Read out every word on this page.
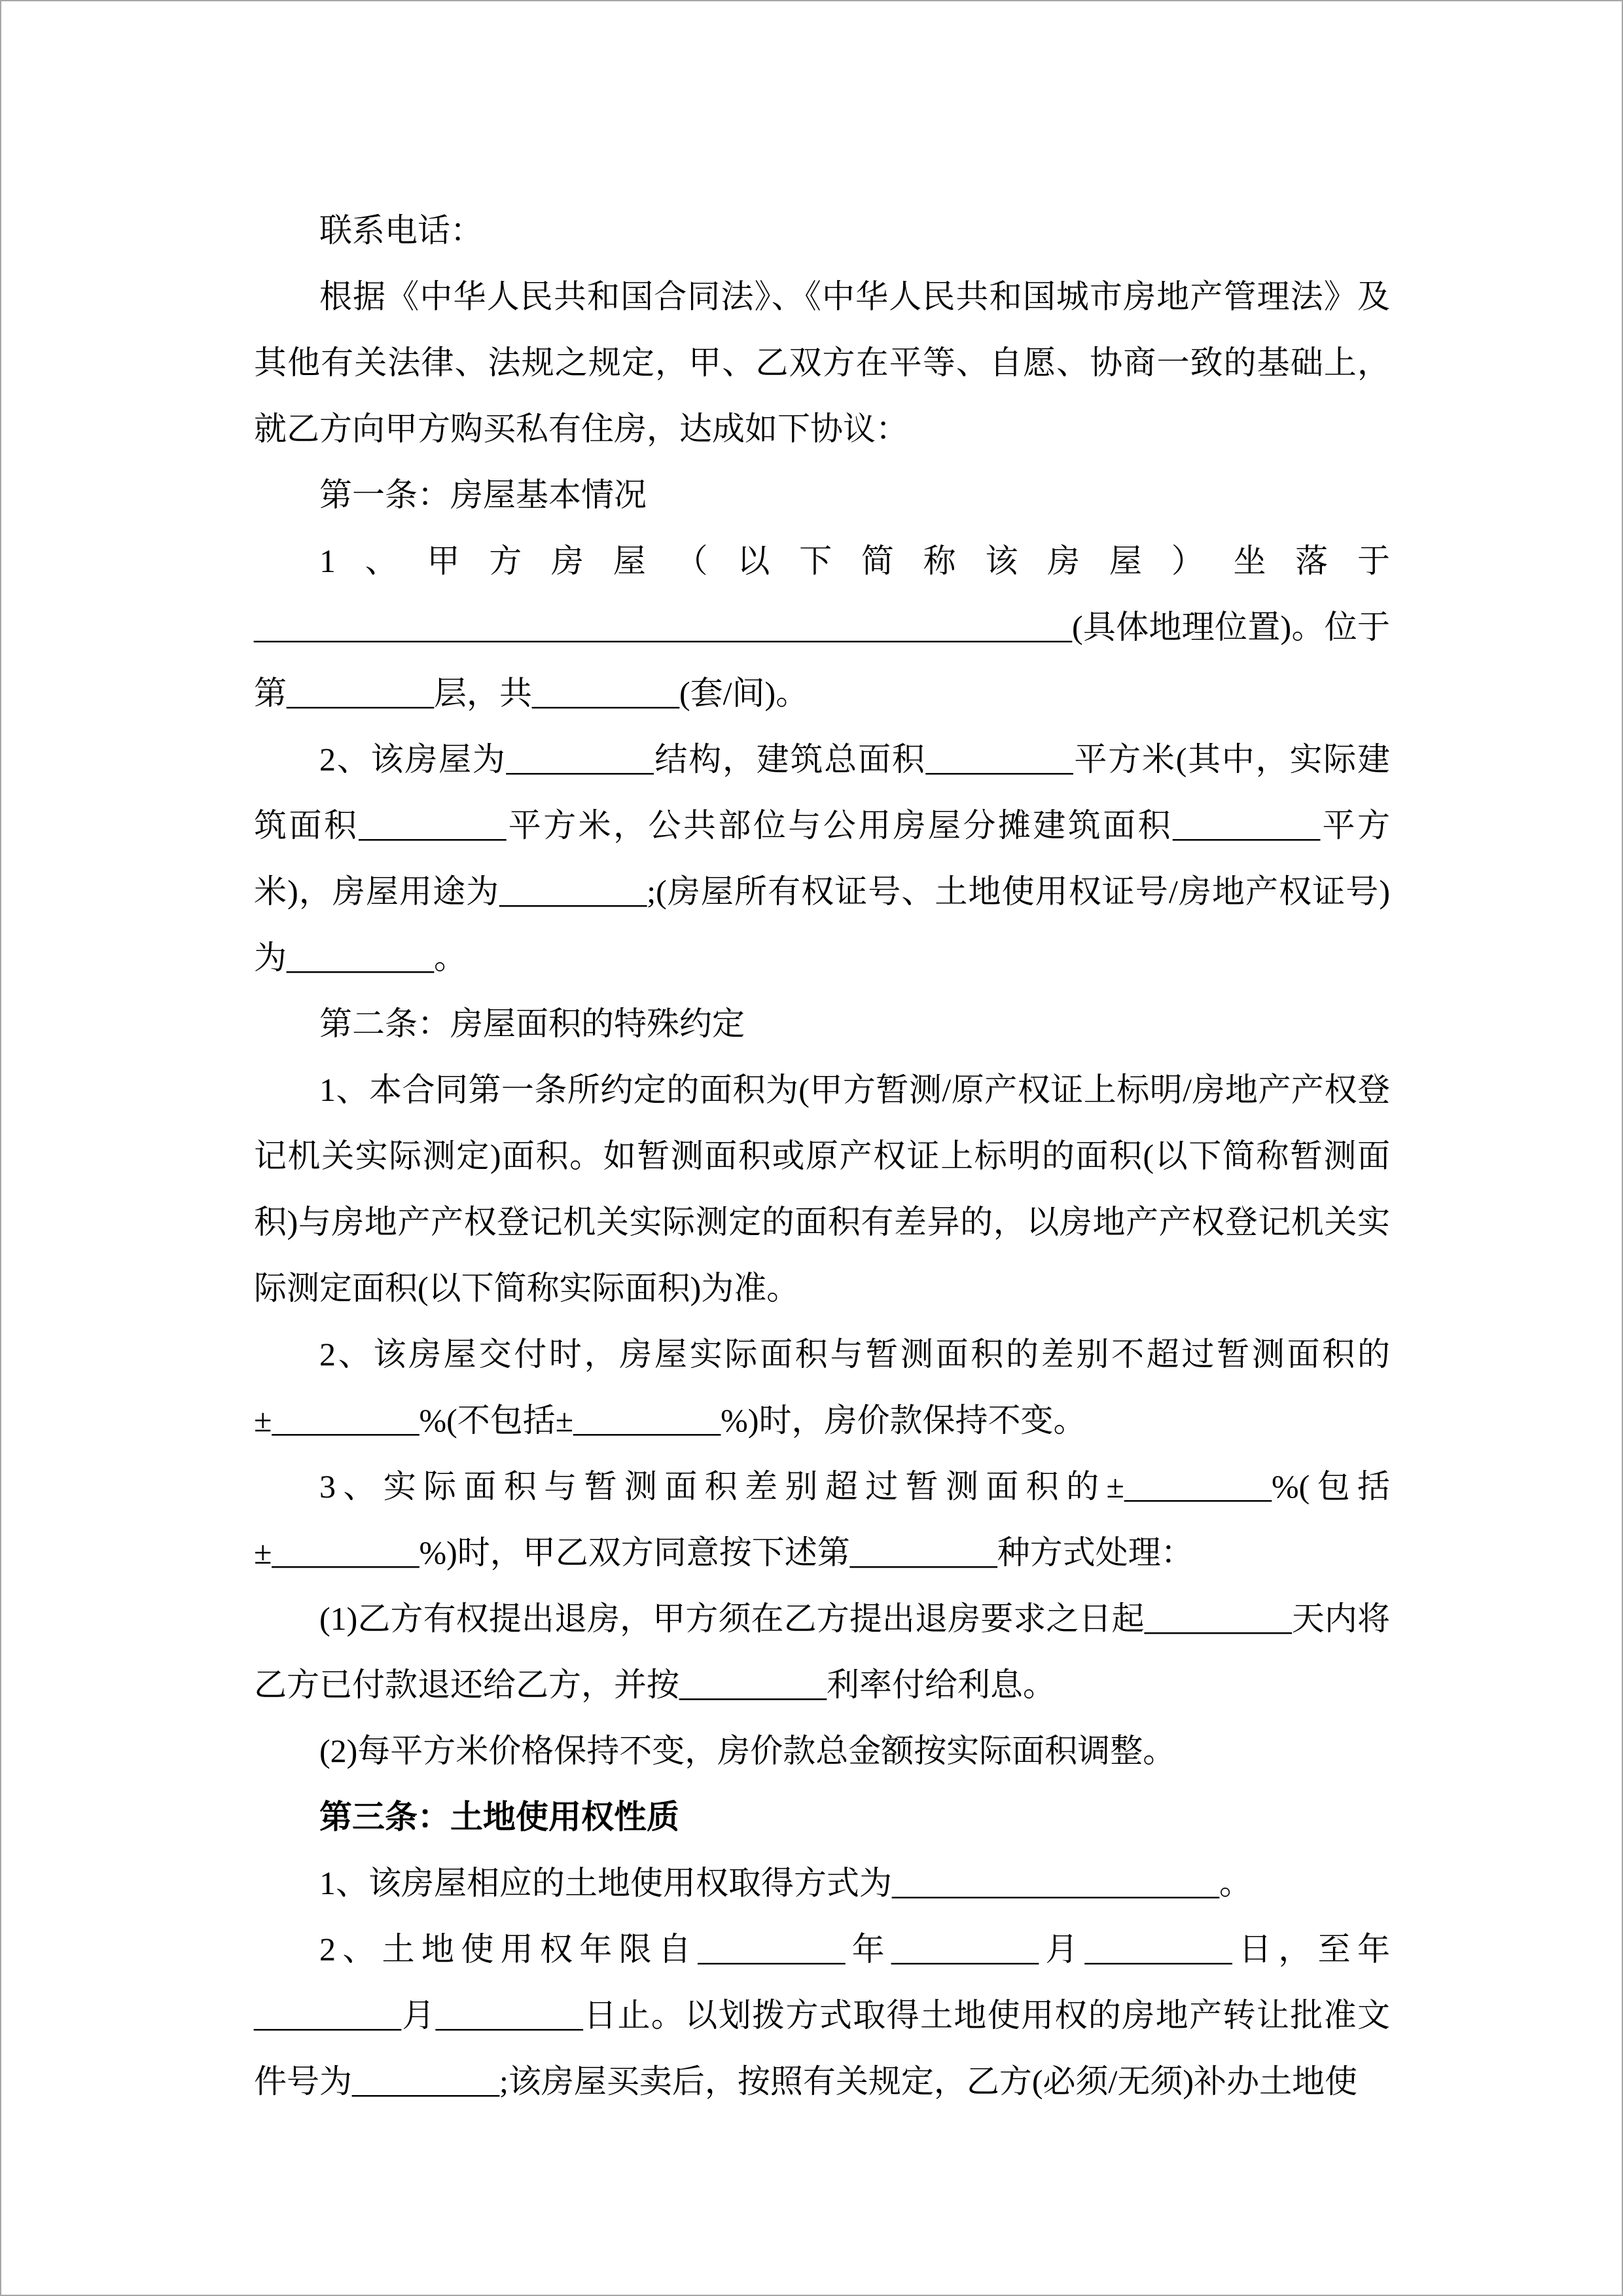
联系电话：

根据《中华人民共和国合同法》、《中华人民共和国城市房地产管理法》及其他有关法律、法规之规定，甲、乙双方在平等、自愿、协商一致的基础上，就乙方向甲方购买私有住房，达成如下协议：

第一条：房屋基本情况

1、甲方房屋（以下简称该房屋）坐落于__________________________________________________(具体地理位置)。位于第_________层，共_________(套/间)。

2、该房屋为_________结构，建筑总面积_________平方米(其中，实际建筑面积_________平方米，公共部位与公用房屋分摊建筑面积_________平方米)，房屋用途为_________;(房屋所有权证号、土地使用权证号/房地产权证号)为_________。

第二条：房屋面积的特殊约定

1、本合同第一条所约定的面积为(甲方暂测/原产权证上标明/房地产产权登记机关实际测定)面积。如暂测面积或原产权证上标明的面积(以下简称暂测面积)与房地产产权登记机关实际测定的面积有差异的，以房地产产权登记机关实际测定面积(以下简称实际面积)为准。

2、该房屋交付时，房屋实际面积与暂测面积的差别不超过暂测面积的±_________%(不包括±_________%)时，房价款保持不变。

3、实际面积与暂测面积差别超过暂测面积的±_________%(包括±_________%)时，甲乙双方同意按下述第_________种方式处理：

(1)乙方有权提出退房，甲方须在乙方提出退房要求之日起_________天内将乙方已付款退还给乙方，并按_________利率付给利息。

(2)每平方米价格保持不变，房价款总金额按实际面积调整。

第三条：土地使用权性质

1、该房屋相应的土地使用权取得方式为____________________。

2、土地使用权年限自_________年_________月_________日，至年_________月_________日止。以划拨方式取得土地使用权的房地产转让批准文件号为_________;该房屋买卖后，按照有关规定，乙方(必须/无须)补办土地使
